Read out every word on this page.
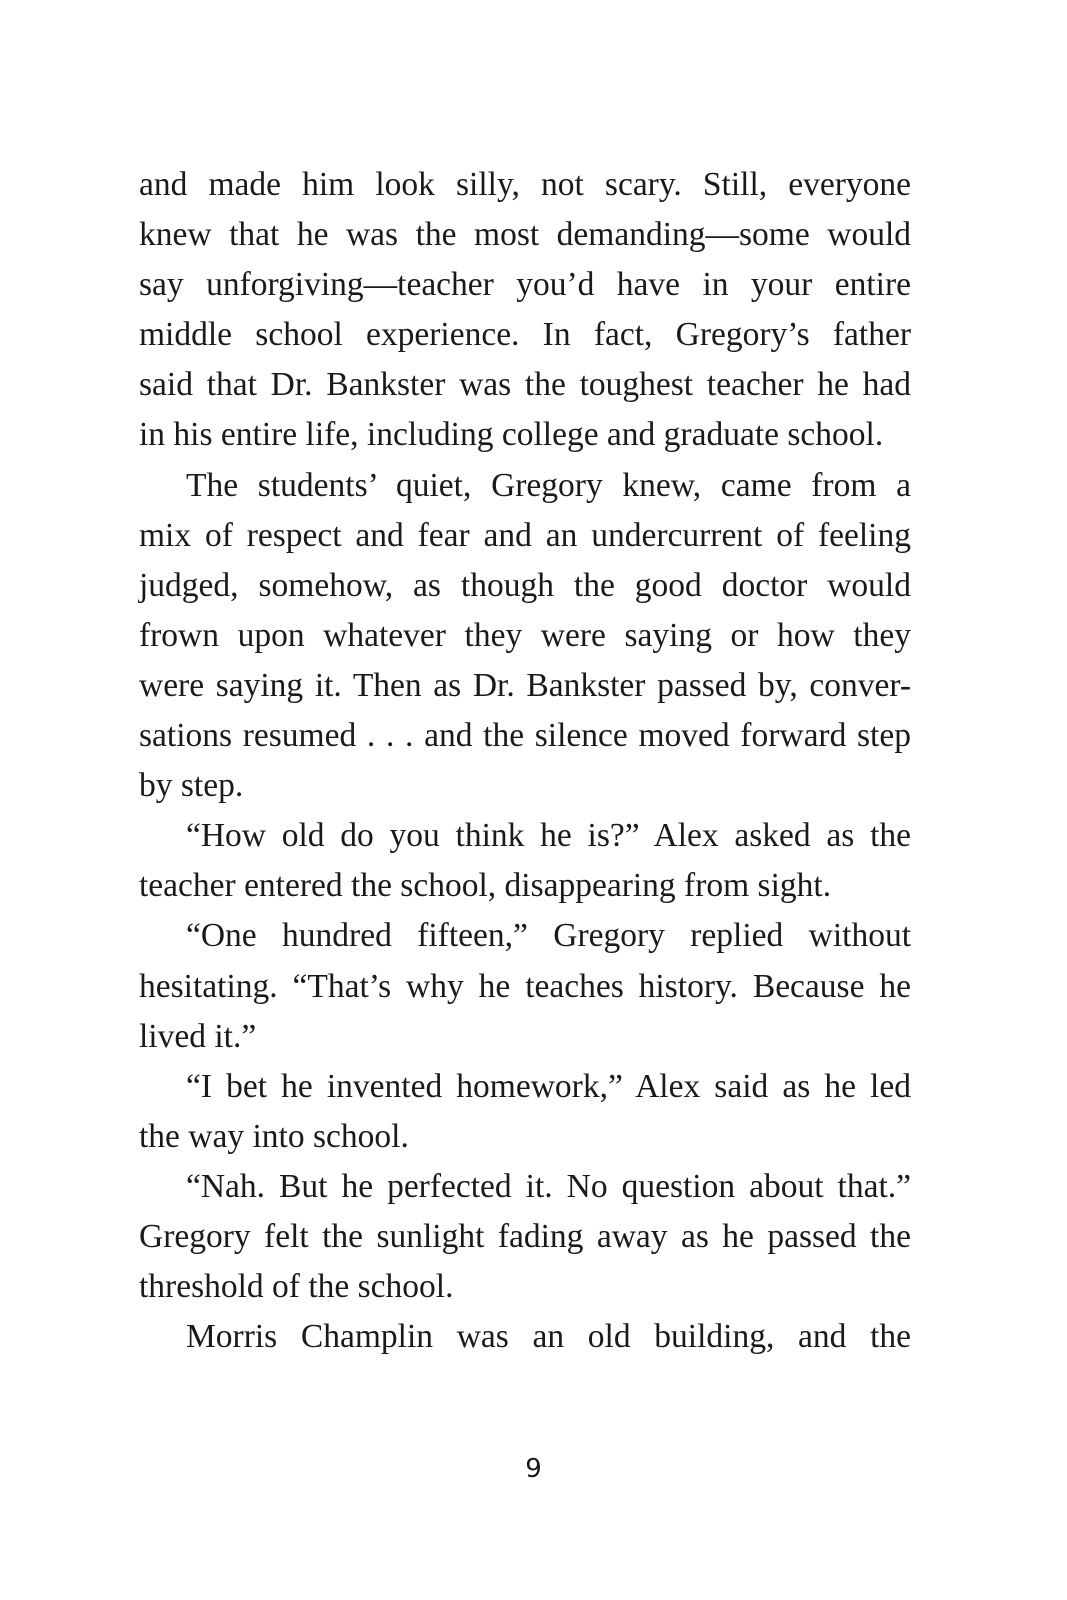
and made him look silly, not scary. Still, everyone
knew that he was the most demanding—some would
say unforgiving—teacher you’d have in your entire
middle school experience. In fact, Gregory’s father
said that Dr. Bankster was the toughest teacher he had
in his entire life, including college and graduate school.
The students’ quiet, Gregory knew, came from a
mix of respect and fear and an undercurrent of feeling
judged, somehow, as though the good doctor would
frown upon whatever they were saying or how they
were saying it. Then as Dr. Bankster passed by, conver-
sations resumed . . . and the silence moved forward step
by step.
“How old do you think he is?” Alex asked as the
teacher entered the school, disappearing from sight.
“One hundred fifteen,” Gregory replied without
hesitating. “That’s why he teaches history. Because he
lived it.”
“I bet he invented homework,” Alex said as he led
the way into school.
“Nah. But he perfected it. No question about that.”
Gregory felt the sunlight fading away as he passed the
threshold of the school.
Morris Champlin was an old building, and the
9
